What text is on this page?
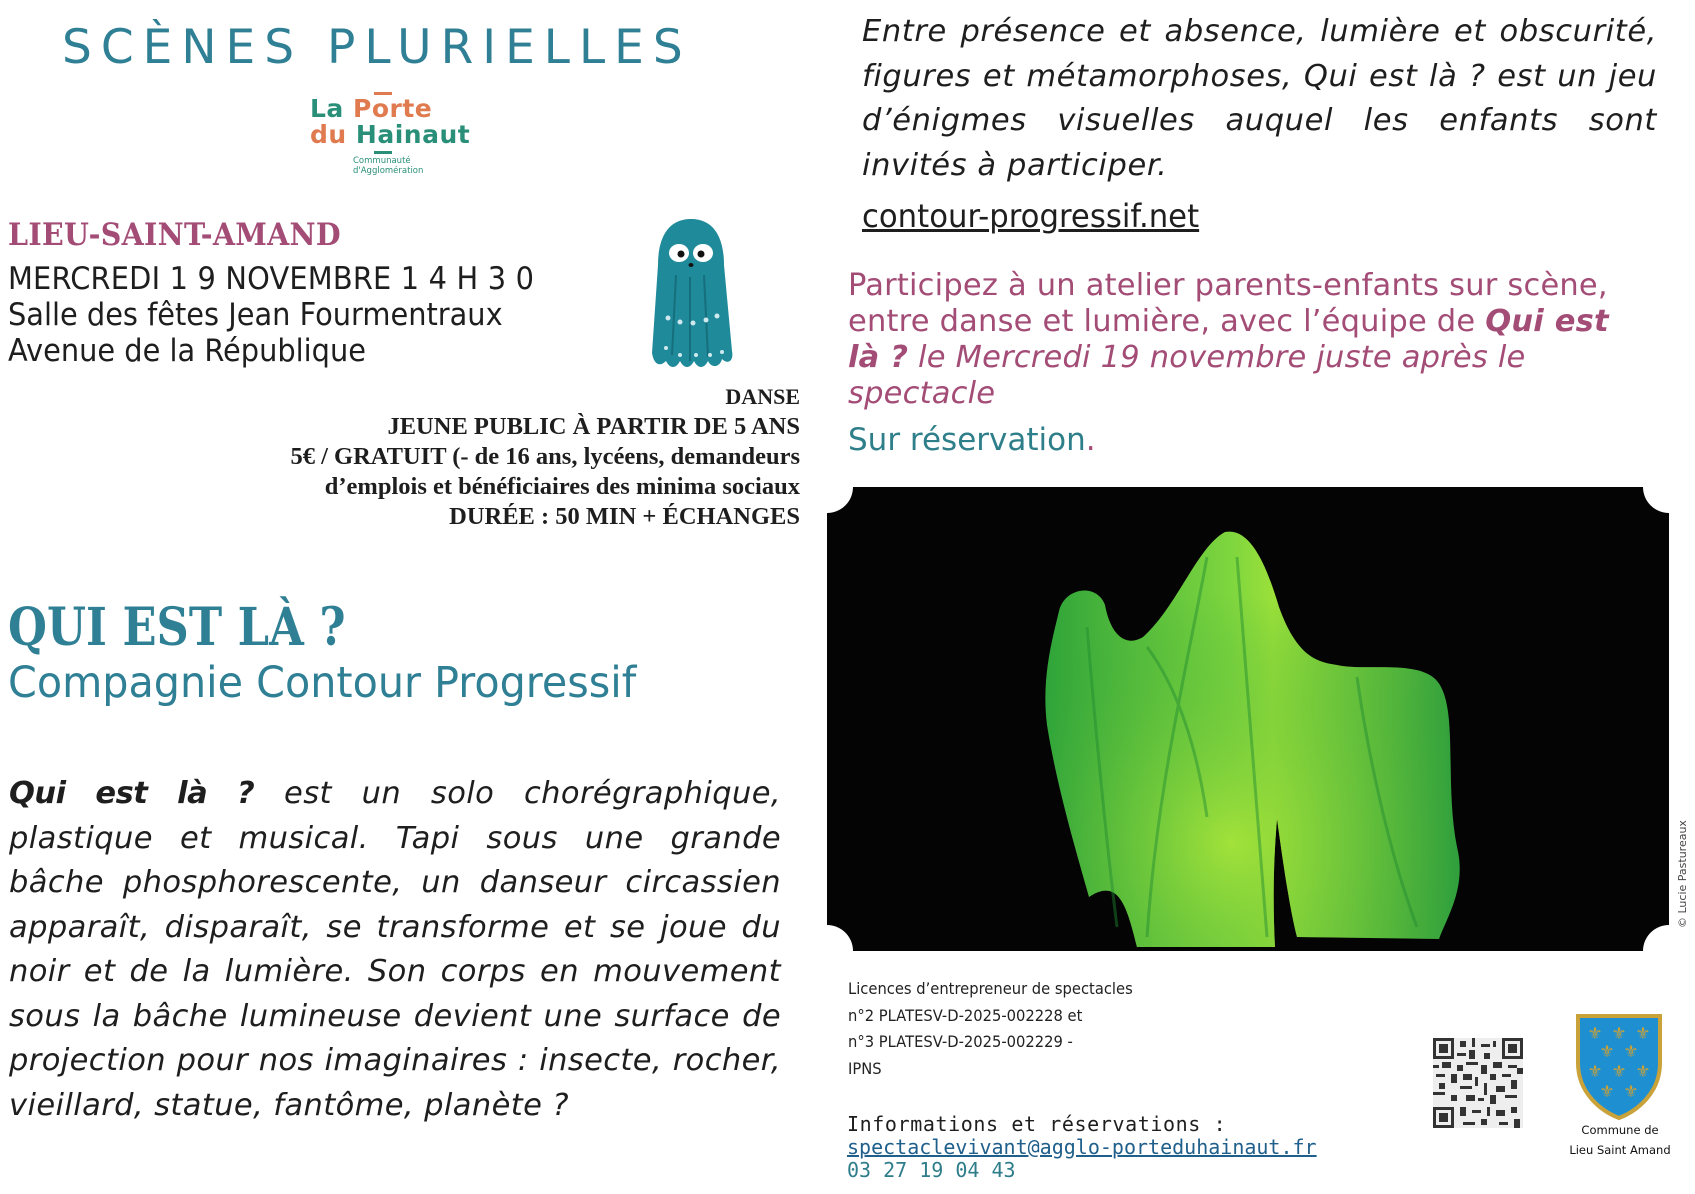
SCÈNES PLURIELLES
La Porte
du Hainaut
Communauté
d'Agglomération
LIEU-SAINT-AMAND
MERCREDI 1 9 NOVEMBRE 1 4 H 3 0
Salle des fêtes Jean Fourmentraux
Avenue de la République
DANSE
JEUNE PUBLIC À PARTIR DE 5 ANS
5€ / GRATUIT (- de 16 ans, lycéens, demandeurs
d’emplois et bénéficiaires des minima sociaux
DURÉE : 50 MIN + ÉCHANGES
QUI EST LÀ ?
Compagnie Contour Progressif
Qui est là ? est un solo chorégraphique, plastique et musical. Tapi sous une grande bâche phosphorescente, un danseur circassien apparaît, disparaît, se transforme et se joue du noir et de la lumière. Son corps en mouvement sous la bâche lumineuse devient une surface de projection pour nos imaginaires : insecte, rocher, vieillard, statue, fantôme, planète ?
Entre présence et absence, lumière et obscurité, figures et métamorphoses, Qui est là ? est un jeu d’énigmes visuelles auquel les enfants sont invités à participer.
contour-progressif.net
Participez à un atelier parents-enfants sur scène, entre danse et lumière, avec l’équipe de Qui est là ? le Mercredi 19 novembre juste après le spectacle
Sur réservation.
© Lucie Pastureaux
Licences d’entrepreneur de spectacles
n°2 PLATESV-D-2025-002228 et
n°3 PLATESV-D-2025-002229 -
IPNS
Informations et réservations :
spectaclevivant@agglo-porteduhainaut.fr
03 27 19 04 43
⚜ ⚜ ⚜
⚜ ⚜
⚜ ⚜ ⚜
⚜ ⚜
Commune de
Lieu Saint Amand
